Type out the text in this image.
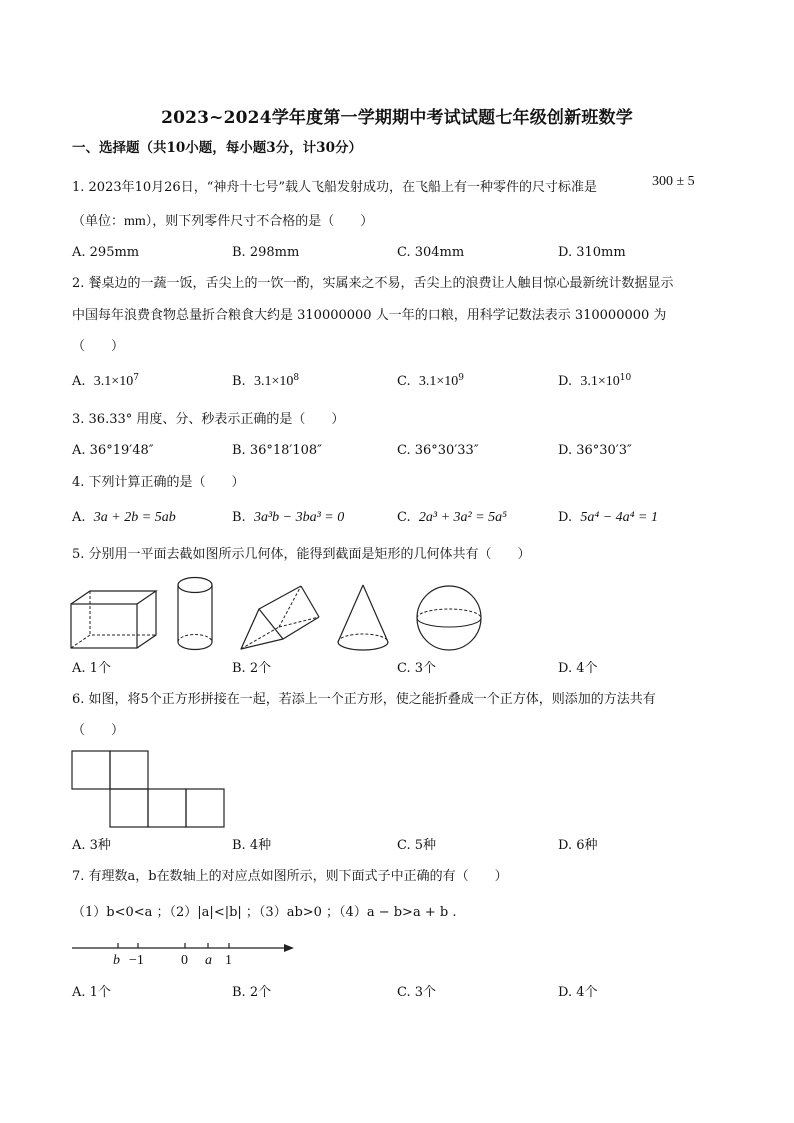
2023~2024学年度第一学期期中考试试题七年级创新班数学
一、选择题（共10小题，每小题3分，计30分）
1. 2023年10月26日，“神舟十七号”载人飞船发射成功，在飞船上有一种零件的尺寸标准是	300 ± 5
（单位：mm），则下列零件尺寸不合格的是（　　）
A. 295mm	B. 298mm	C. 304mm	D. 310mm
2. 餐桌边的一蔬一饭，舌尖上的一饮一酌，实属来之不易，舌尖上的浪费让人触目惊心最新统计数据显示
中国每年浪费食物总量折合粮食大约是 310000000 人一年的口粮，用科学记数法表示 310000000 为
（　　）
A. $3.1\times 10^7$	B. $3.1\times 10^8$	C. $3.1\times 10^9$	D. $3.1\times 10^{10}$
3. 36.33° 用度、分、秒表示正确的是（　　）
A. 36°19′48″	B. 36°18′108″	C. 36°30′33″	D. 36°30′3″
4. 下列计算正确的是（　　）
A. 3a + 2b = 5ab	B. 3a³b − 3ba³ = 0	C. 2a³ + 3a² = 5a⁵	D. 5a⁴ − 4a⁴ = 1
5. 分别用一平面去截如图所示几何体，能得到截面是矩形的几何体共有（　　）
A. 1个	B. 2个	C. 3个	D. 4个
6. 如图，将5个正方形拼接在一起，若添上一个正方形，使之能折叠成一个正方体，则添加的方法共有
（　　）
A. 3种	B. 4种	C. 5种	D. 6种
7. 有理数a，b在数轴上的对应点如图所示，则下面式子中正确的有（　　）
（1）b<0<a ；（2）|a|<|b| ；（3）ab>0 ；（4）a − b>a + b .
b −1	0 a 1
A. 1个	B. 2个	C. 3个	D. 4个
